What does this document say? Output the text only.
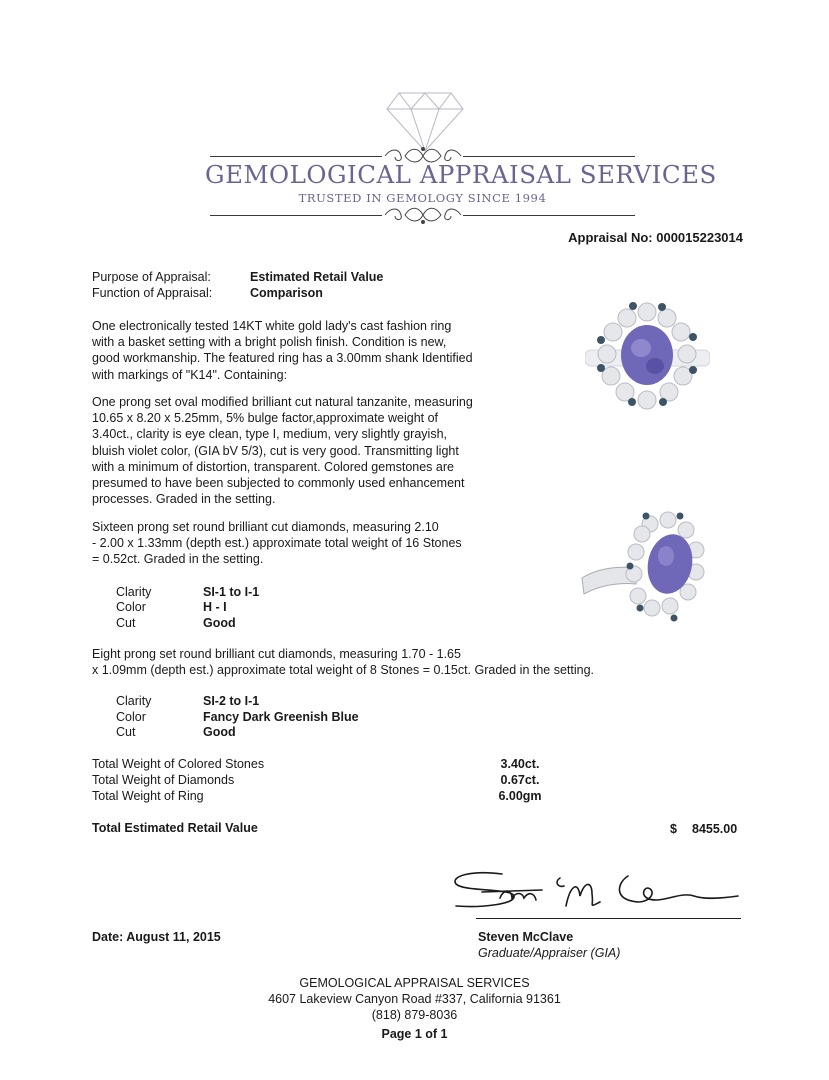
GEMOLOGICAL APPRAISAL SERVICES
TRUSTED IN GEMOLOGY SINCE 1994
Appraisal No: 000015223014
Purpose of Appraisal:	Estimated Retail Value
Function of Appraisal:	Comparison
One electronically tested 14KT white gold lady's cast fashion ring
with a basket setting with a bright polish finish. Condition is new,
good workmanship. The featured ring has a 3.00mm shank Identified
with markings of "K14". Containing:
One prong set oval modified brilliant cut natural tanzanite, measuring
10.65 x 8.20 x 5.25mm, 5% bulge factor,approximate weight of
3.40ct., clarity is eye clean, type I, medium, very slightly grayish,
bluish violet color, (GIA bV 5/3), cut is very good. Transmitting light
with a minimum of distortion, transparent. Colored gemstones are
presumed to have been subjected to commonly used enhancement
processes. Graded in the setting.
Sixteen prong set round brilliant cut diamonds, measuring 2.10
- 2.00 x 1.33mm (depth est.) approximate total weight of 16 Stones
= 0.52ct. Graded in the setting.
Clarity	SI-1 to I-1
Color	H - I
Cut	Good
Eight prong set round brilliant cut diamonds, measuring 1.70 - 1.65
x 1.09mm (depth est.) approximate total weight of 8 Stones = 0.15ct. Graded in the setting.
Clarity	SI-2 to I-1
Color	Fancy Dark Greenish Blue
Cut	Good
Total Weight of Colored Stones	3.40ct.
Total Weight of Diamonds	0.67ct.
Total Weight of Ring	6.00gm
Total Estimated Retail Value	$ 8455.00
Date: August 11, 2015	Steven McClave
Graduate/Appraiser (GIA)
GEMOLOGICAL APPRAISAL SERVICES
4607 Lakeview Canyon Road #337, California 91361
(818) 879-8036
Page 1 of 1
